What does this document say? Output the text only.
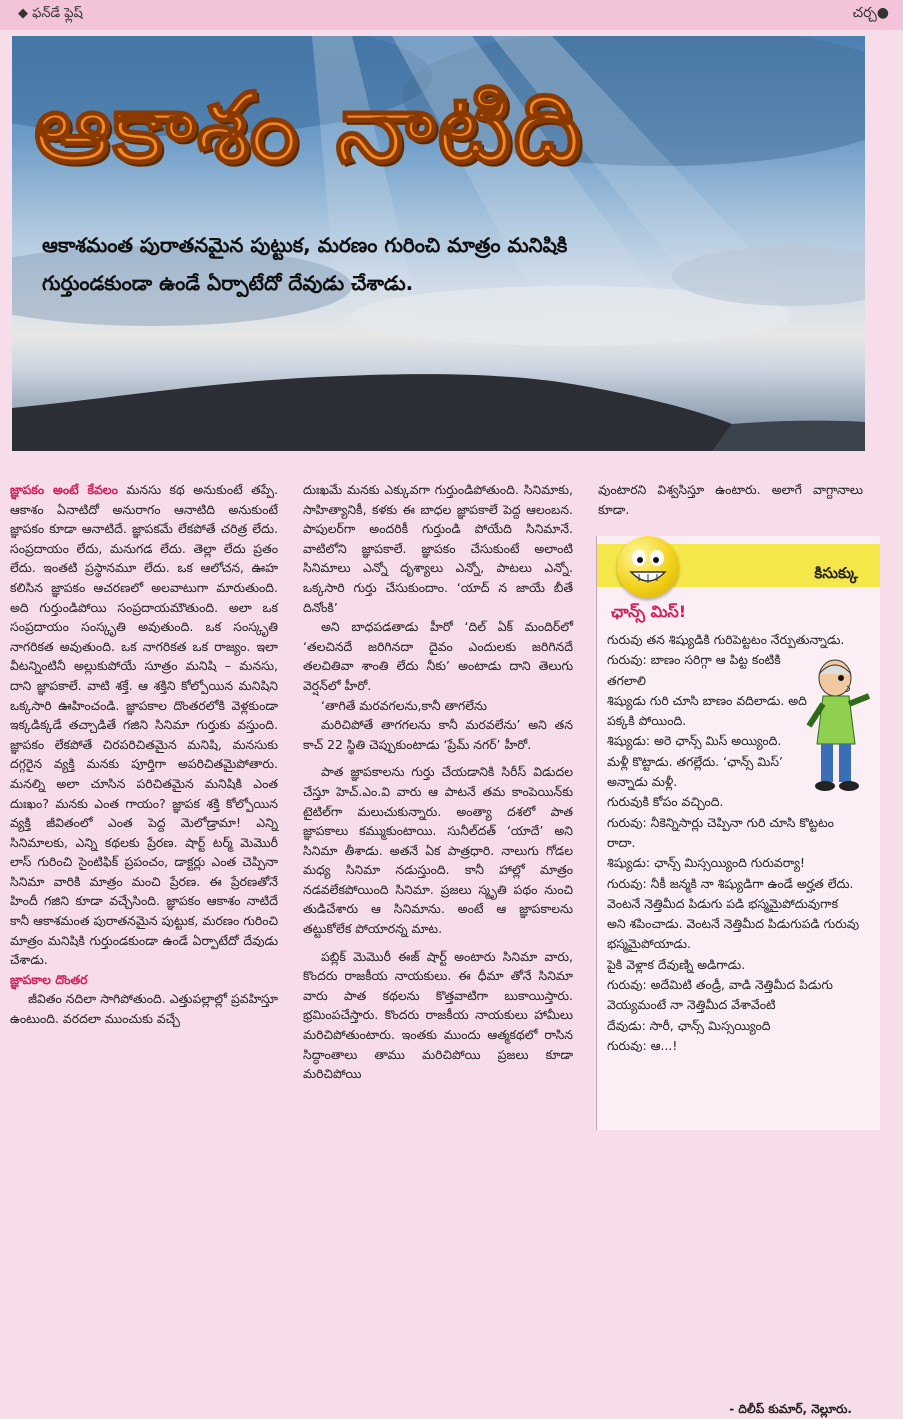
◆ ఫన్‌డే ఫ్లెష్	చర్చ●
ఆకాశం నాటిది
ఆకాశమంత పురాతనమైన పుట్టుక, మరణం గురించి మాత్రం మనిషికి గుర్తుండకుండా ఉండే ఏర్పాటేదో దేవుడు చేశాడు.

జ్ఞాపకం అంటే కేవలం మనసు కథ అనుకుంటే తప్పే. ఆకాశం ఏనాటిదో అనురాగం ఆనాటిది అనుకుంటే జ్ఞాపకం కూడా ఆనాటిదే. జ్ఞాపకమే లేకపోతే చరిత్ర లేదు. సంప్రదాయం లేదు, మనుగడ లేదు. తెల్లా లేదు ప్రతం లేదు. ఇంతటి ప్రస్థానమూ లేదు. ఒక ఆలోచన, ఊహ కలిసిన జ్ఞాపకం ఆచరణలో అలవాటుగా మారుతుంది. అది గుర్తుండిపోయి సంప్రదాయమౌతుంది. అలా ఒక సంప్రదాయం సంస్కృతి అవుతుంది. ఒక సంస్కృతి నాగరికత అవుతుంది. ఒక నాగరికత ఒక రాజ్యం. ఇలా వీటన్నింటినీ అల్లుకుపోయే సూత్రం మనిషి – మనసు, దాని జ్ఞాపకాలే. వాటి శక్తే. ఆ శక్తిని కోల్పోయిన మనిషిని ఒక్కసారి ఊహించండి. జ్ఞాపకాల దొంతరలోకి వెళ్లకుండా ఇక్కడిక్కడే తచ్చాడితే గజిని సినిమా గుర్తుకు వస్తుంది. జ్ఞాపకం లేకపోతే చిరపరిచితమైన మనిషి, మనసుకు దగ్గరైన వ్యక్తి మనకు పూర్తిగా అపరిచితమైపోతారు. మనల్ని అలా చూసిన పరిచితమైన మనిషికి ఎంత దుఃఖం? మనకు ఎంత గాయం? జ్ఞాపక శక్తి కోల్పోయిన వ్యక్తి జీవితంలో ఎంత పెద్ద మెలోడ్రామా! ఎన్ని సినిమాలకు, ఎన్ని కథలకు ప్రేరణ. షార్ట్ టర్మ్ మెమొరీ లాస్ గురించి సైంటిఫిక్ ప్రపంచం, డాక్టర్లు ఎంత చెప్పినా సినిమా వారికి మాత్రం మంచి ప్రేరణ. ఈ ప్రేరణతోనే హిందీ గజిని కూడా వచ్చేసింది. జ్ఞాపకం ఆకాశం నాటిదే కానీ ఆకాశమంత పురాతనమైన పుట్టుక, మరణం గురించి మాత్రం మనిషికి గుర్తుండకుండా ఉండే ఏర్పాటేదో దేవుడు చేశాడు.

జ్ఞాపకాల దొంతర

జీవితం నదిలా సాగిపోతుంది. ఎత్తుపల్లాల్లో ప్రవహిస్తూ ఉంటుంది. వరదలా ముంచుకు వచ్చే

దుఃఖమే మనకు ఎక్కువగా గుర్తుండిపోతుంది. సినిమాకు, సాహిత్యానికీ, కళకు ఈ బాధల జ్ఞాపకాలే పెద్ద ఆలంబన. పాపులర్‌గా అందరికీ గుర్తుండి పోయేది సినిమానే. వాటిలోని జ్ఞాపకాలే. జ్ఞాపకం చేసుకుంటే అలాంటి సినిమాలు ఎన్నో దృశ్యాలు ఎన్నో, పాటలు ఎన్నో. ఒక్కసారి గుర్తు చేసుకుందాం. ‘యాద్ న జాయే బీతే దినోంకి’

అని బాధపడతాడు హీరో ‘దిల్ ఏక్ మందిర్‌లో ‘తలచినదే జరిగినదా దైవం ఎందులకు జరిగినదే తలచితివా శాంతి లేదు నీకు’ అంటాడు దాని తెలుగు వెర్షన్‌లో హీరో.

‘తాగితే మరవగలను,కానీ తాగలేను

మరిచిపోతే తాగగలను కానీ మరవలేను’ అని తన కాచ్ 22 స్థితి చెప్పుకుంటాడు ‘ప్రేమ్ నగర్’ హీరో.

పాత జ్ఞాపకాలను గుర్తు చేయడానికి సిరీస్ విడుదల చేస్తూ హెచ్.ఎం.వి వారు ఆ పాటనే తమ కాంపెయిన్‌కు టైటిల్‌గా మలుచుకున్నారు. అంత్యా దశలో పాత జ్ఞాపకాలు కమ్ముకుంటాయి. సునీల్‌దత్ ‘యాదే’ అని సినిమా తీశాడు. అతనే ఏక పాత్రధారి. నాలుగు గోడల మధ్య సినిమా నడుస్తుంది. కానీ హాల్లో మాత్రం నడవలేకపోయింది సినిమా. ప్రజలు స్మృతి పథం నుంచి తుడిచేశారు ఆ సినిమాను. అంటే ఆ జ్ఞాపకాలను తట్టుకోలేక పోయారన్న మాట.

పబ్లిక్ మెమొరీ ఈజ్ షార్ట్ అంటారు సినిమా వారు, కొందరు రాజకీయ నాయకులు. ఈ ధీమా తోనే సినిమా వారు పాత కథలను కొత్తవాటిగా బుకాయిస్తారు. భ్రమింపచేస్తారు. కొందరు రాజకీయ నాయకులు హామీలు మరిచిపోతుంటారు. ఇంతకు ముందు ఆత్మకథలో రాసిన సిద్ధాంతాలు తాము మరిచిపోయి ప్రజలు కూడా మరిచిపోయి

వుంటారని విశ్వసిస్తూ ఉంటారు. అలాగే వాగ్దానాలు కూడా.

కిసుక్కు
ఛాన్స్ మిస్!

గురువు తన శిష్యుడికి గురిపెట్టటం నేర్పుతున్నాడు.

గురువు: బాణం సరిగ్గా ఆ పిట్ట కంటికి తగలాలి

శిష్యుడు గురి చూసి బాణం వదిలాడు. అది పక్కకి పోయింది.

శిష్యుడు: అరె ఛాన్స్ మిస్ అయ్యింది.

మళ్లీ కొట్టాడు. తగల్లేదు. ‘ఛాన్స్ మిస్’ అన్నాడు మళ్లీ.

గురువుకి కోపం వచ్చింది.

గురువు: నీకెన్నిసార్లు చెప్పినా గురి చూసి కొట్టటం రాదా.

శిష్యుడు: ఛాన్స్ మిస్సయ్యింది గురువర్యా!

గురువు: నీకీ జన్మకి నా శిష్యుడిగా ఉండే అర్హత లేదు. వెంటనే నెత్తిమీద పిడుగు పడి భస్మమైపోదువుగాక

అని శపించాడు. వెంటనే నెత్తిమీద పిడుగుపడి గురువు భస్మమైపోయాడు.

పైకి వెళ్లాక దేవుణ్ని అడిగాడు.

గురువు: అదేమిటి తండ్రీ, వాడి నెత్తిమీద పిడుగు వెయ్యమంటే నా నెత్తిమీద వేశావేంటి

దేవుడు: సారీ, ఛాన్స్ మిస్సయ్యింది

గురువు: ఆ...!

- దిలీప్ కుమార్, నెల్లూరు.
